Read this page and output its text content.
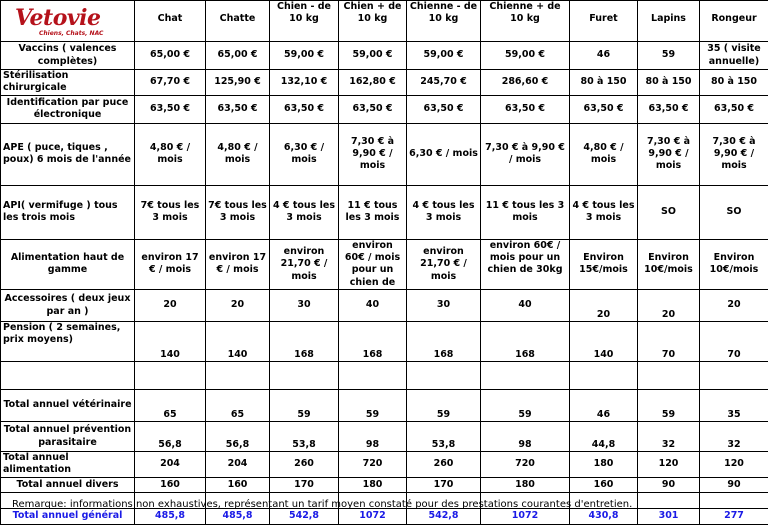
Vetovie
Chiens, Chats, NAC	Chat	Chatte	Chien - de 10 kg	Chien + de 10 kg	Chienne - de 10 kg	Chienne + de 10 kg	Furet	Lapins	Rongeur
Vaccins ( valences complètes)	65,00 €	65,00 €	59,00 €	59,00 €	59,00 €	59,00 €	46	59	35 ( visite annuelle)
Stérilisation chirurgicale	67,70 €	125,90 €	132,10 €	162,80 €	245,70 €	286,60 €	80 à 150	80 à 150	80 à 150
Identification par puce électronique	63,50 €	63,50 €	63,50 €	63,50 €	63,50 €	63,50 €	63,50 €	63,50 €	63,50 €
APE ( puce, tiques , poux) 6 mois de l'année	4,80 € / mois	4,80 € / mois	6,30 € / mois	7,30 € à 9,90 € / mois	6,30 € / mois	7,30 € à 9,90 € / mois	4,80 € / mois	7,30 € à 9,90 € / mois	7,30 € à 9,90 € / mois
API( vermifuge ) tous les trois mois	7€ tous les 3 mois	7€ tous les 3 mois	4 € tous les 3 mois	11 € tous les 3 mois	4 € tous les 3 mois	11 € tous les 3 mois	4 € tous les 3 mois	SO	SO
Alimentation haut de gamme	environ 17 € / mois	environ 17 € / mois	environ 21,70 € / mois	environ 60€ / mois pour un chien de	environ 21,70 € / mois	environ 60€ / mois pour un chien de 30kg	Environ 15€/mois	Environ 10€/mois	Environ 10€/mois
Accessoires ( deux jeux par an )	20	20	30	40	30	40	20	20	20
Pension ( 2 semaines, prix moyens)	140	140	168	168	168	168	140	70	70

Total annuel vétérinaire	65	65	59	59	59	59	46	59	35
Total annuel prévention parasitaire	56,8	56,8	53,8	98	53,8	98	44,8	32	32
Total annuel alimentation	204	204	260	720	260	720	180	120	120
Total annuel divers	160	160	170	180	170	180	160	90	90

Total annuel général	485,8	485,8	542,8	1072	542,8	1072	430,8	301	277
Remarque: informations non exhaustives, représentant un tarif moyen constaté pour des prestations courantes d'entretien.
